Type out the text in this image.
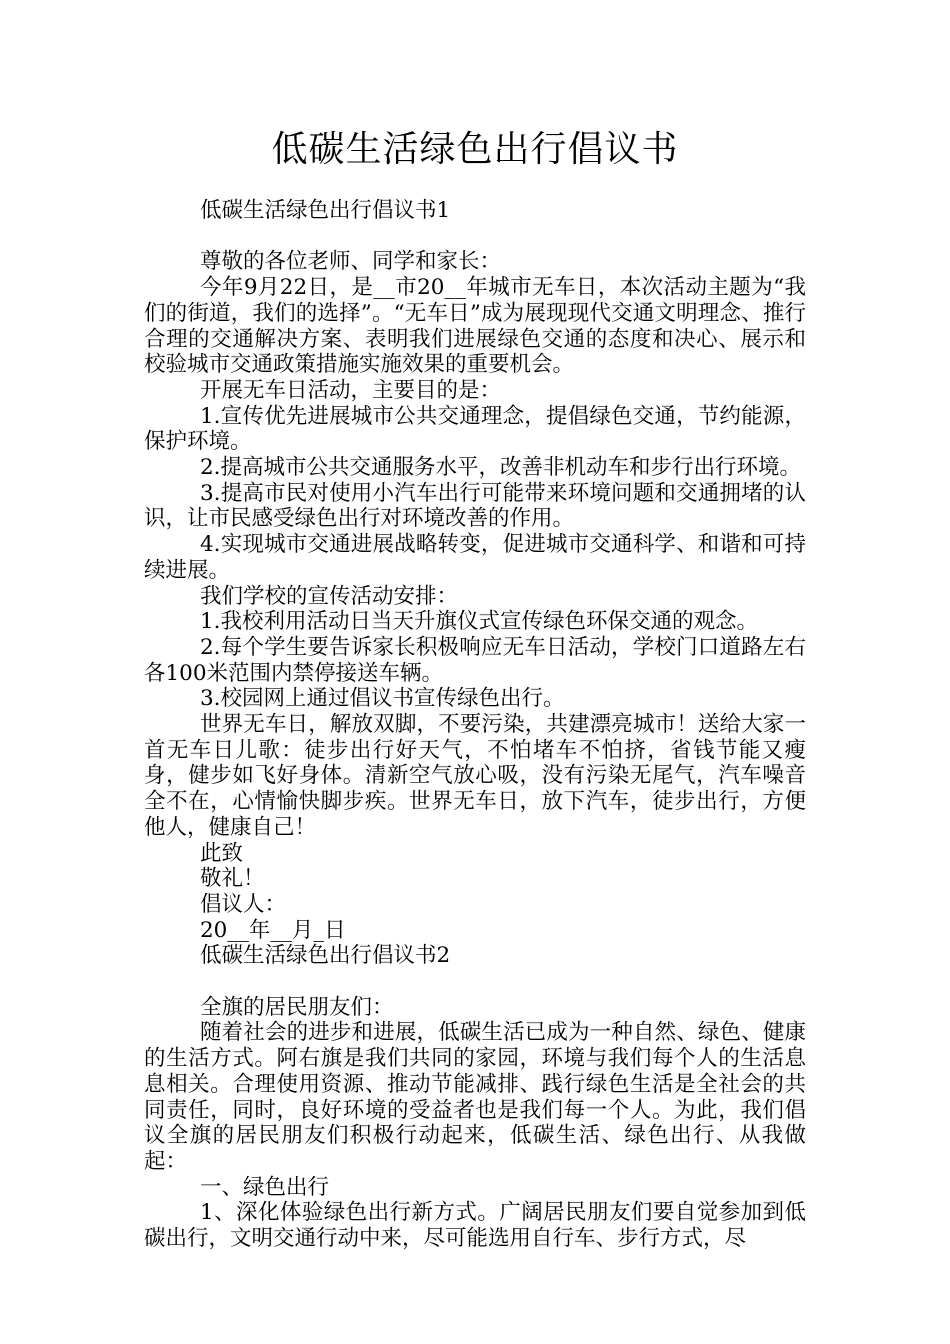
低碳生活绿色出行倡议书

低碳生活绿色出行倡议书1

尊敬的各位老师、同学和家长：

今年9月22日，是__市20__年城市无车日，本次活动主题为“我们的街道，我们的选择”。“无车日”成为展现现代交通文明理念、推行合理的交通解决方案、表明我们进展绿色交通的态度和决心、展示和校验城市交通政策措施实施效果的重要机会。

开展无车日活动，主要目的是：

1.宣传优先进展城市公共交通理念，提倡绿色交通，节约能源，保护环境。

2.提高城市公共交通服务水平，改善非机动车和步行出行环境。

3.提高市民对使用小汽车出行可能带来环境问题和交通拥堵的认识，让市民感受绿色出行对环境改善的作用。

4.实现城市交通进展战略转变，促进城市交通科学、和谐和可持续进展。

我们学校的宣传活动安排：

1.我校利用活动日当天升旗仪式宣传绿色环保交通的观念。

2.每个学生要告诉家长积极响应无车日活动，学校门口道路左右各100米范围内禁停接送车辆。

3.校园网上通过倡议书宣传绿色出行。

世界无车日，解放双脚，不要污染，共建漂亮城市！送给大家一首无车日儿歌：徒步出行好天气，不怕堵车不怕挤，省钱节能又瘦身，健步如飞好身体。清新空气放心吸，没有污染无尾气，汽车噪音全不在，心情愉快脚步疾。世界无车日，放下汽车，徒步出行，方便他人，健康自己！

此致

敬礼！

倡议人：

20__年__月_日

低碳生活绿色出行倡议书2

全旗的居民朋友们：

随着社会的进步和进展，低碳生活已成为一种自然、绿色、健康的生活方式。阿右旗是我们共同的家园，环境与我们每个人的生活息息相关。合理使用资源、推动节能减排、践行绿色生活是全社会的共同责任，同时，良好环境的受益者也是我们每一个人。为此，我们倡议全旗的居民朋友们积极行动起来，低碳生活、绿色出行、从我做起：

一、绿色出行

1、深化体验绿色出行新方式。广阔居民朋友们要自觉参加到低碳出行，文明交通行动中来，尽可能选用自行车、步行方式，尽
